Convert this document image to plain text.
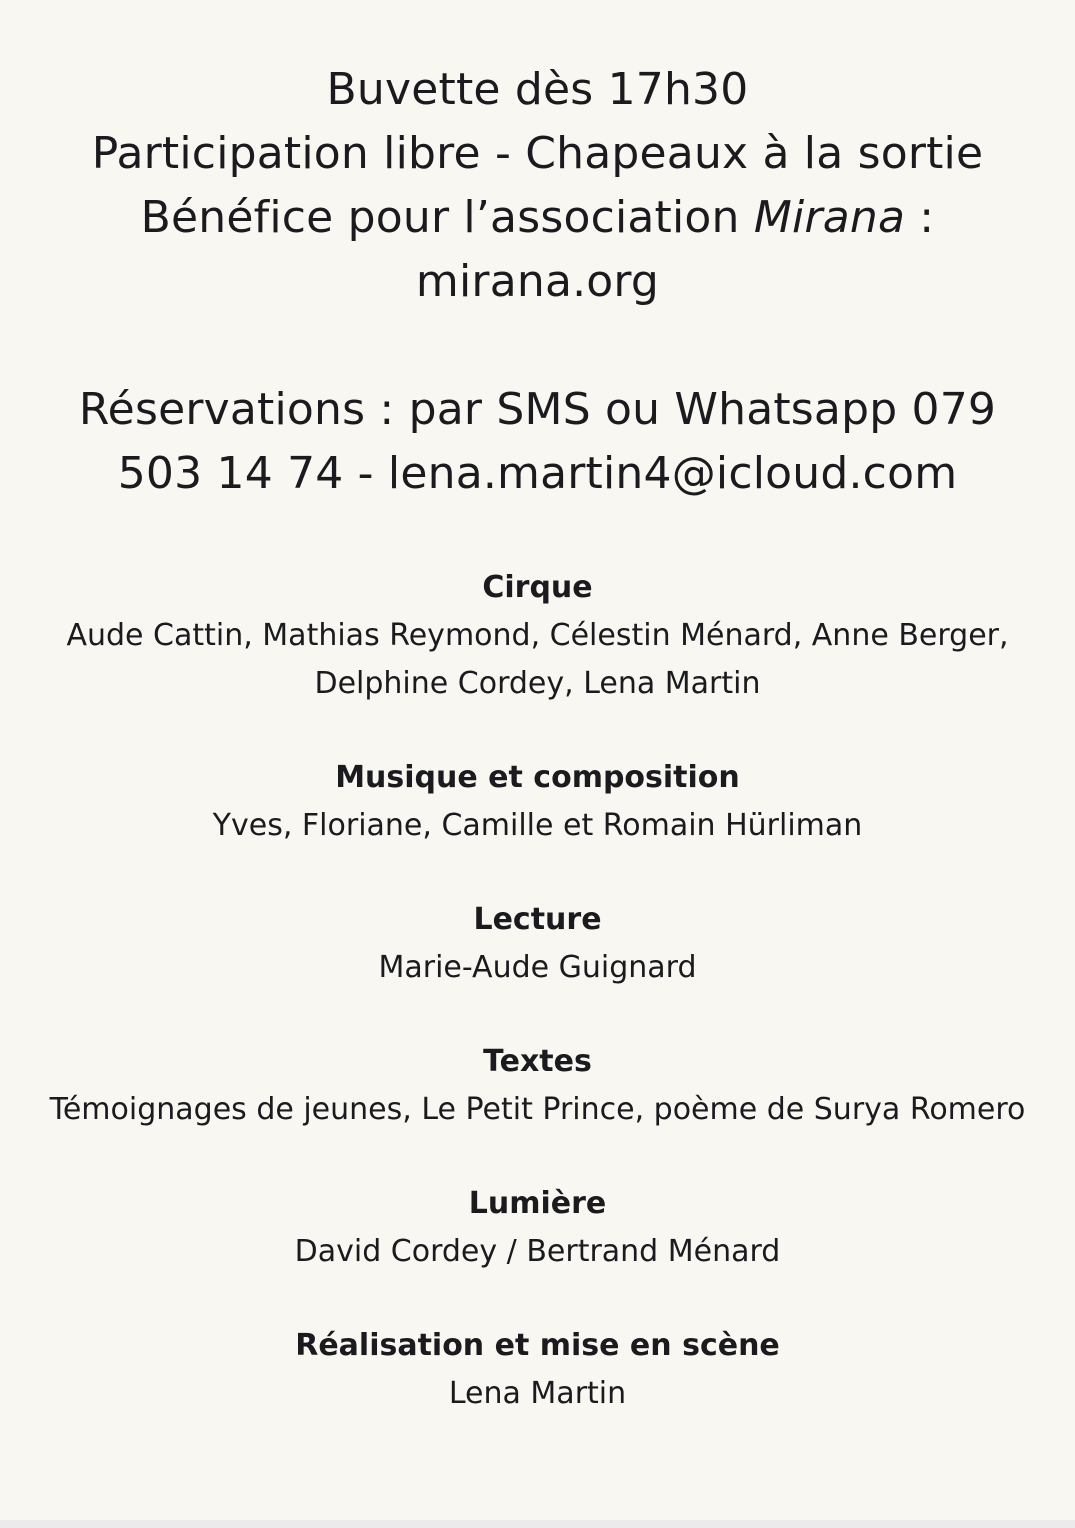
Buvette dès 17h30

Participation libre - Chapeaux à la sortie

Bénéfice pour l’association Mirana :

mirana.org

Réservations : par SMS ou Whatsapp 079 503 14 74 - lena.martin4@icloud.com

Cirque

Aude Cattin, Mathias Reymond, Célestin Ménard, Anne Berger, Delphine Cordey, Lena Martin

Musique et composition

Yves, Floriane, Camille et Romain Hürliman

Lecture

Marie-Aude Guignard

Textes

Témoignages de jeunes, Le Petit Prince, poème de Surya Romero

Lumière

David Cordey / Bertrand Ménard

Réalisation et mise en scène

Lena Martin
